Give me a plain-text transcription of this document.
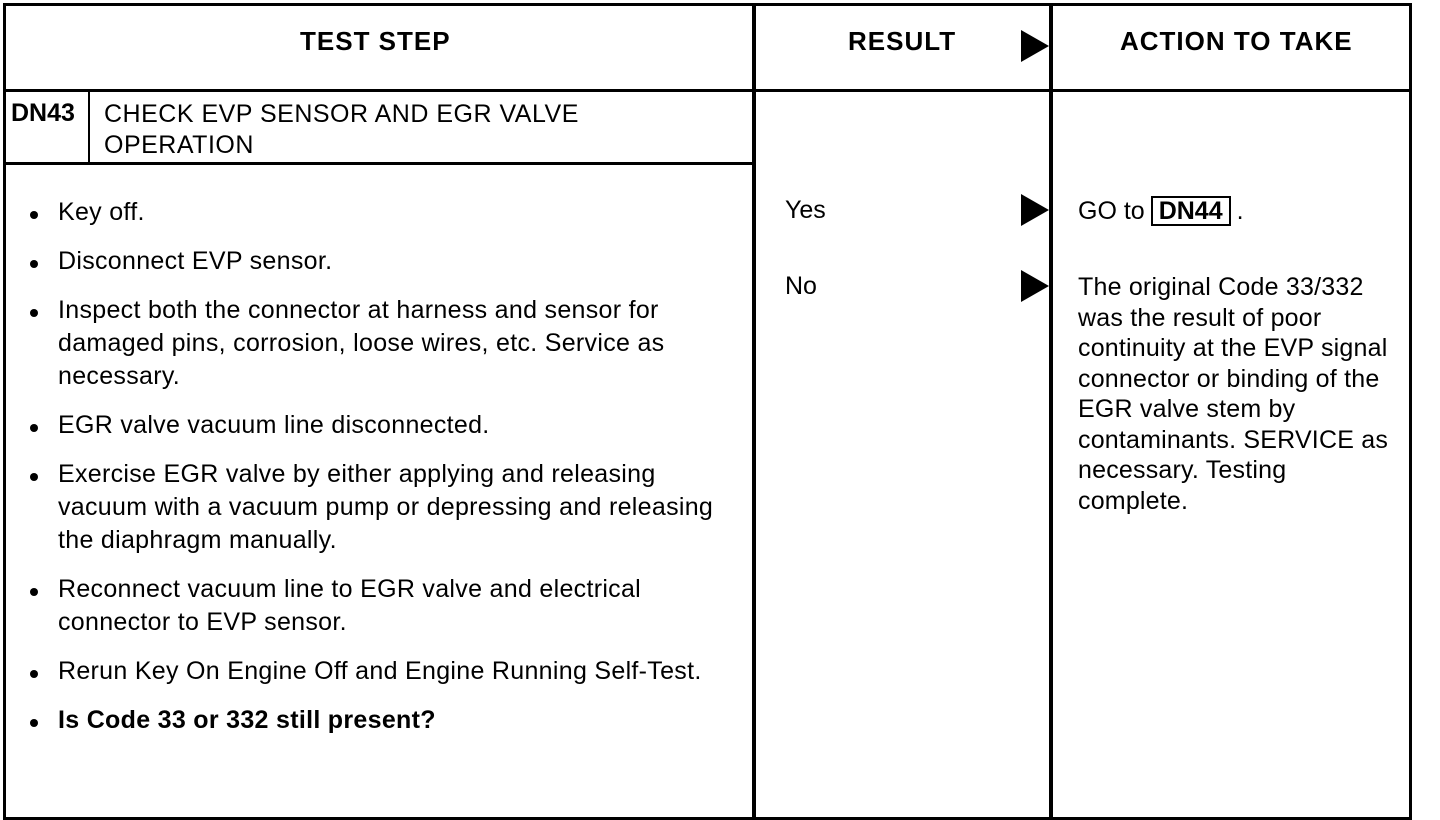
TEST STEP	RESULT	ACTION TO TAKE
DN43 CHECK EVP SENSOR AND EGR VALVE
OPERATION
Key off.
Disconnect EVP sensor.
Inspect both the connector at harness and sensor for damaged pins, corrosion, loose wires, etc. Service as necessary.
EGR valve vacuum line disconnected.
Exercise EGR valve by either applying and releasing vacuum with a vacuum pump or depressing and releasing the diaphragm manually.
Reconnect vacuum line to EGR valve and electrical connector to EVP sensor.
Rerun Key On Engine Off and Engine Running Self-Test.
Is Code 33 or 332 still present?
Yes
No
GO to DN44 .
The original Code 33/332 was the result of poor continuity at the EVP signal connector or binding of the EGR valve stem by contaminants. SERVICE as necessary. Testing complete.
